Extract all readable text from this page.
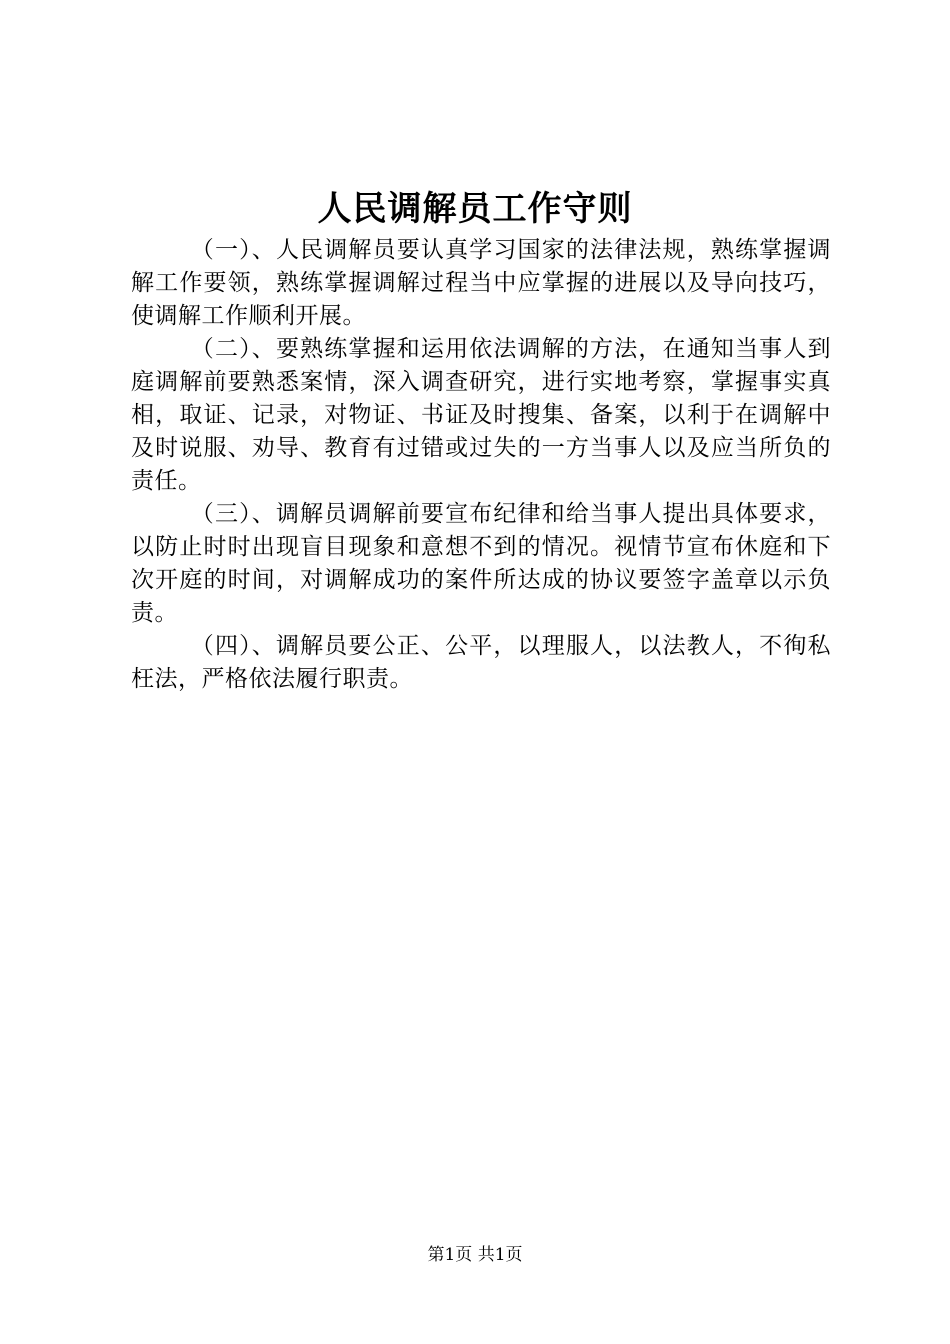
人民调解员工作守则

（一）、人民调解员要认真学习国家的法律法规，熟练掌握调解工作要领，熟练掌握调解过程当中应掌握的进展以及导向技巧，使调解工作顺利开展。

（二）、要熟练掌握和运用依法调解的方法，在通知当事人到庭调解前要熟悉案情，深入调查研究，进行实地考察，掌握事实真相，取证、记录，对物证、书证及时搜集、备案，以利于在调解中及时说服、劝导、教育有过错或过失的一方当事人以及应当所负的责任。

（三）、调解员调解前要宣布纪律和给当事人提出具体要求，以防止时时出现盲目现象和意想不到的情况。视情节宣布休庭和下次开庭的时间，对调解成功的案件所达成的协议要签字盖章以示负责。

（四）、调解员要公正、公平，以理服人，以法教人，不徇私枉法，严格依法履行职责。

第1页 共1页
